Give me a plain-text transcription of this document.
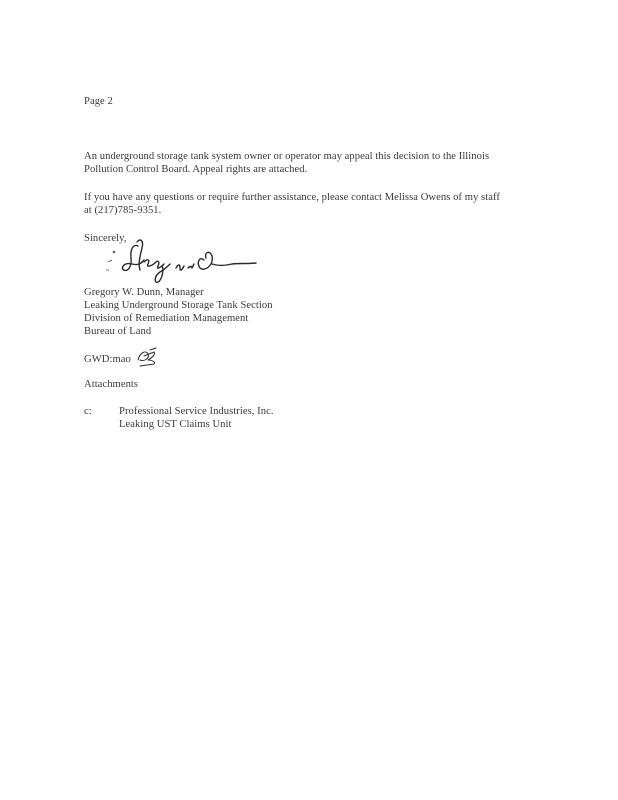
Page 2
An underground storage tank system owner or operator may appeal this decision to the Illinois
Pollution Control Board. Appeal rights are attached.
If you have any questions or require further assistance, please contact Melissa Owens of my staff
at (217)785-9351.
Sincerely,
Gregory W. Dunn, Manager
Leaking Underground Storage Tank Section
Division of Remediation Management
Bureau of Land
GWD:mao
Attachments
c:	Professional Service Industries, Inc.
Leaking UST Claims Unit
